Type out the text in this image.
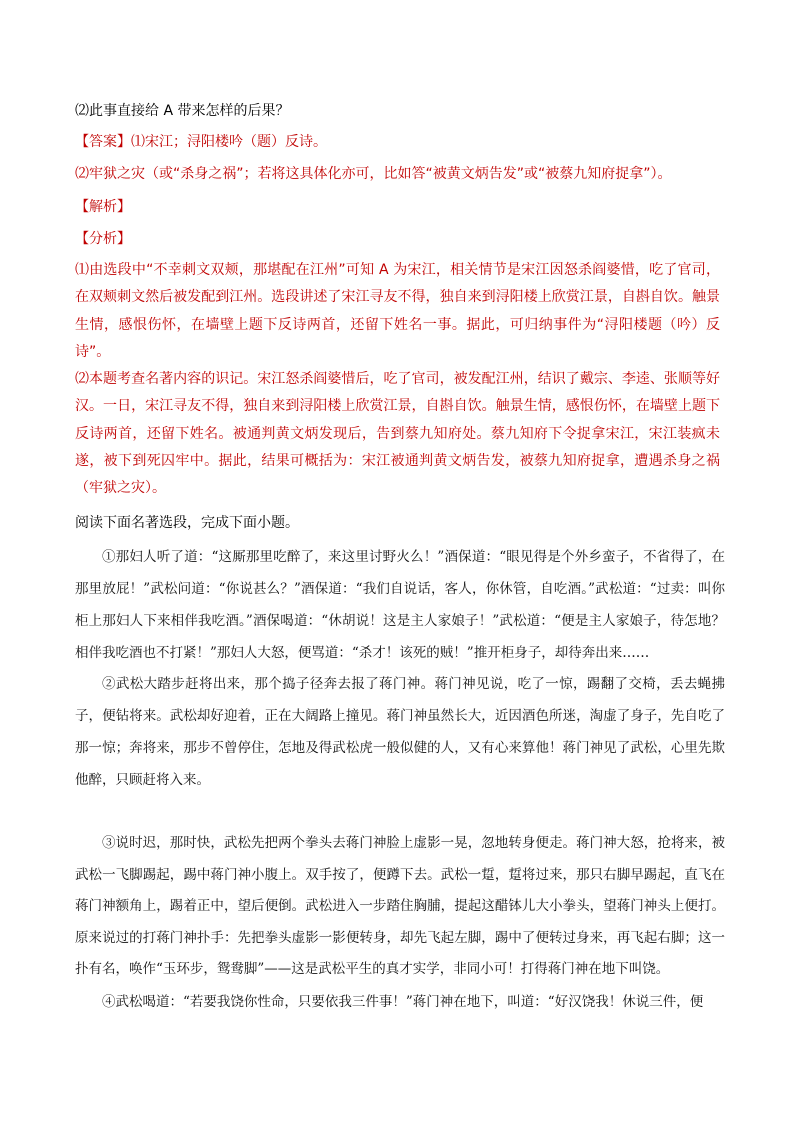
⑵此事直接给 A 带来怎样的后果？
【答案】⑴宋江；浔阳楼吟（题）反诗。
⑵牢狱之灾（或“杀身之祸”；若将这具体化亦可，比如答“被黄文炳告发”或“被蔡九知府捉拿”）。
【解析】
【分析】

⑴由选段中“不幸刺文双颊，那堪配在江州”可知 A 为宋江，相关情节是宋江因怒杀阎婆惜，吃了官司，在双颊刺文然后被发配到江州。选段讲述了宋江寻友不得，独自来到浔阳楼上欣赏江景，自斟自饮。触景生情，感恨伤怀，在墙壁上题下反诗两首，还留下姓名一事。据此，可归纳事件为“浔阳楼题（吟）反诗”。

⑵本题考查名著内容的识记。宋江怒杀阎婆惜后，吃了官司，被发配江州，结识了戴宗、李逵、张顺等好汉。一日，宋江寻友不得，独自来到浔阳楼上欣赏江景，自斟自饮。触景生情，感恨伤怀，在墙壁上题下反诗两首，还留下姓名。被通判黄文炳发现后，告到蔡九知府处。蔡九知府下令捉拿宋江，宋江装疯未遂，被下到死囚牢中。据此，结果可概括为：宋江被通判黄文炳告发，被蔡九知府捉拿，遭遇杀身之祸（牢狱之灾）。

阅读下面名著选段，完成下面小题。

①那妇人听了道：“这厮那里吃醉了，来这里讨野火么！”酒保道：“眼见得是个外乡蛮子，不省得了，在那里放屁！”武松问道：“你说甚么？”酒保道：“我们自说话，客人，你休管，自吃酒。”武松道：“过卖：叫你柜上那妇人下来相伴我吃酒。”酒保喝道：“休胡说！这是主人家娘子！”武松道：“便是主人家娘子，待怎地？相伴我吃酒也不打紧！”那妇人大怒，便骂道：“杀才！该死的贼！”推开柜身子，却待奔出来……

②武松大踏步赶将出来，那个捣子径奔去报了蒋门神。蒋门神见说，吃了一惊，踢翻了交椅，丢去蝇拂子，便钻将来。武松却好迎着，正在大阔路上撞见。蒋门神虽然长大，近因酒色所迷，淘虚了身子，先自吃了那一惊；奔将来，那步不曾停住，怎地及得武松虎一般似健的人，又有心来算他！蒋门神见了武松，心里先欺他醉，只顾赶将入来。

③说时迟，那时快，武松先把两个拳头去蒋门神脸上虚影一晃，忽地转身便走。蒋门神大怒，抢将来，被武松一飞脚踢起，踢中蒋门神小腹上。双手按了，便蹲下去。武松一踅，踅将过来，那只右脚早踢起，直飞在蒋门神额角上，踢着正中，望后便倒。武松进入一步踏住胸脯，提起这醋钵儿大小拳头，望蒋门神头上便打。原来说过的打蒋门神扑手：先把拳头虚影一影便转身，却先飞起左脚，踢中了便转过身来，再飞起右脚；这一扑有名，唤作“玉环步，鸳鸯脚”——这是武松平生的真才实学，非同小可！打得蒋门神在地下叫饶。

④武松喝道：“若要我饶你性命，只要依我三件事！”蒋门神在地下，叫道：“好汉饶我！休说三件，便
